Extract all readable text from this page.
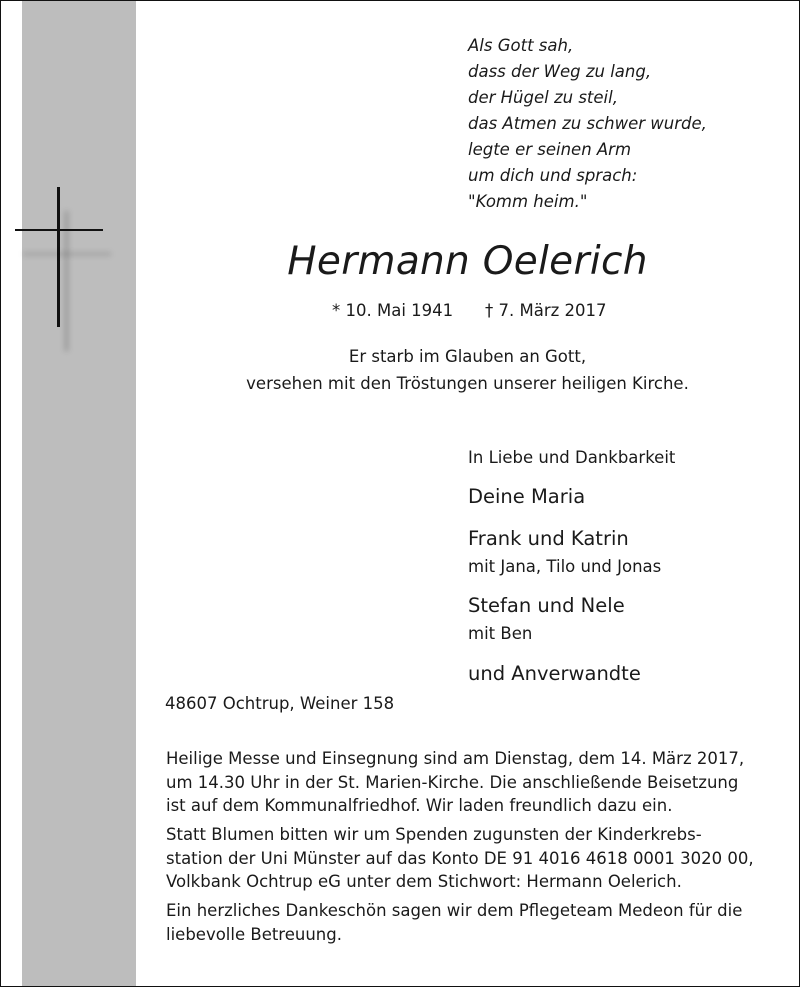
Als Gott sah,
dass der Weg zu lang,
der Hügel zu steil,
das Atmen zu schwer wurde,
legte er seinen Arm
um dich und sprach:
"Komm heim."
Hermann Oelerich
* 10. Mai 1941 † 7. März 2017
Er starb im Glauben an Gott,
versehen mit den Tröstungen unserer heiligen Kirche.
In Liebe und Dankbarkeit
Deine Maria
Frank und Katrin
mit Jana, Tilo und Jonas
Stefan und Nele
mit Ben
und Anverwandte
48607 Ochtrup, Weiner 158
Heilige Messe und Einsegnung sind am Dienstag, dem 14. März 2017,
um 14.30 Uhr in der St. Marien-Kirche. Die anschließende Beisetzung
ist auf dem Kommunalfriedhof. Wir laden freundlich dazu ein.
Statt Blumen bitten wir um Spenden zugunsten der Kinderkrebs-
station der Uni Münster auf das Konto DE 91 4016 4618 0001 3020 00,
Volkbank Ochtrup eG unter dem Stichwort: Hermann Oelerich.
Ein herzliches Dankeschön sagen wir dem Pflegeteam Medeon für die
liebevolle Betreuung.
